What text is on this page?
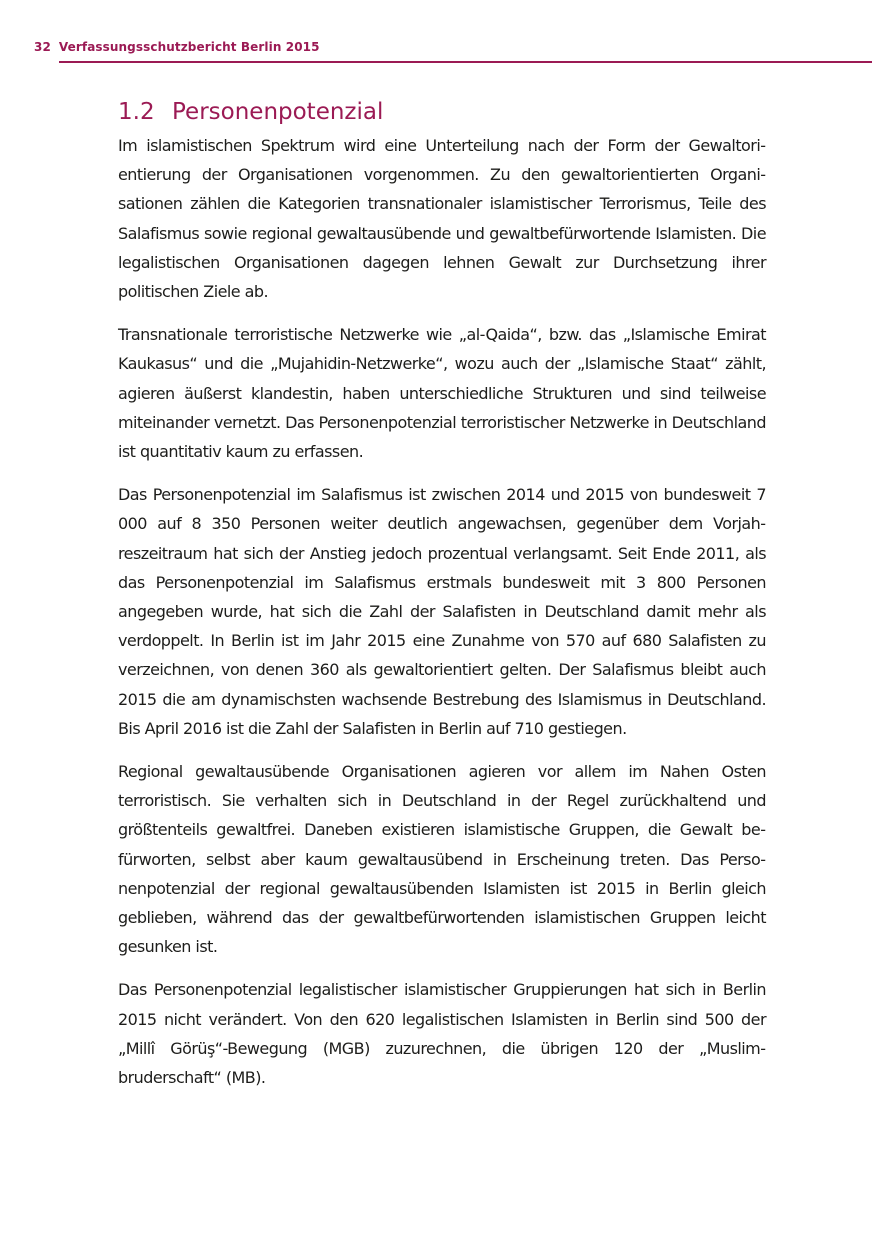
32 Verfassungsschutzbericht Berlin 2015
1.2 Personenpotenzial

Im islamistischen Spektrum wird eine Unterteilung nach der Form der Gewaltorientierung der Organisationen vorgenommen. Zu den gewaltorientierten Organisationen zählen die Kategorien transnationaler islamistischer Terrorismus, Teile des Salafismus sowie regional gewaltausübende und gewaltbefürwortende Islamisten. Die legalistischen Organisationen dagegen lehnen Gewalt zur Durchsetzung ihrer politischen Ziele ab.

Transnationale terroristische Netzwerke wie „al-Qaida“, bzw. das „Islamische Emirat Kaukasus“ und die „Mujahidin-Netzwerke“, wozu auch der „Islamische Staat“ zählt, agieren äußerst klandestin, haben unterschiedliche Strukturen und sind teilweise miteinander vernetzt. Das Personenpotenzial terroristischer Netzwerke in Deutschland ist quantitativ kaum zu erfassen.

Das Personenpotenzial im Salafismus ist zwischen 2014 und 2015 von bundesweit 7 000 auf 8 350 Personen weiter deutlich angewachsen, gegenüber dem Vorjahreszeitraum hat sich der Anstieg jedoch prozentual verlangsamt. Seit Ende 2011, als das Personenpotenzial im Salafismus erstmals bundesweit mit 3 800 Personen angegeben wurde, hat sich die Zahl der Salafisten in Deutschland damit mehr als verdoppelt. In Berlin ist im Jahr 2015 eine Zunahme von 570 auf 680 Salafisten zu verzeichnen, von denen 360 als gewaltorientiert gelten. Der Salafismus bleibt auch 2015 die am dynamischsten wachsende Bestrebung des Islamismus in Deutschland. Bis April 2016 ist die Zahl der Salafisten in Berlin auf 710 gestiegen.

Regional gewaltausübende Organisationen agieren vor allem im Nahen Osten terroristisch. Sie verhalten sich in Deutschland in der Regel zurückhaltend und größtenteils gewaltfrei. Daneben existieren islamistische Gruppen, die Gewalt befürworten, selbst aber kaum gewaltausübend in Erscheinung treten. Das Personenpotenzial der regional gewaltausübenden Islamisten ist 2015 in Berlin gleich geblieben, während das der gewaltbefürwortenden islamistischen Gruppen leicht gesunken ist.

Das Personenpotenzial legalistischer islamistischer Gruppierungen hat sich in Berlin 2015 nicht verändert. Von den 620 legalistischen Islamisten in Berlin sind 500 der „Millî Görüş“-Bewegung (MGB) zuzurechnen, die übrigen 120 der „Muslimbruderschaft“ (MB).
